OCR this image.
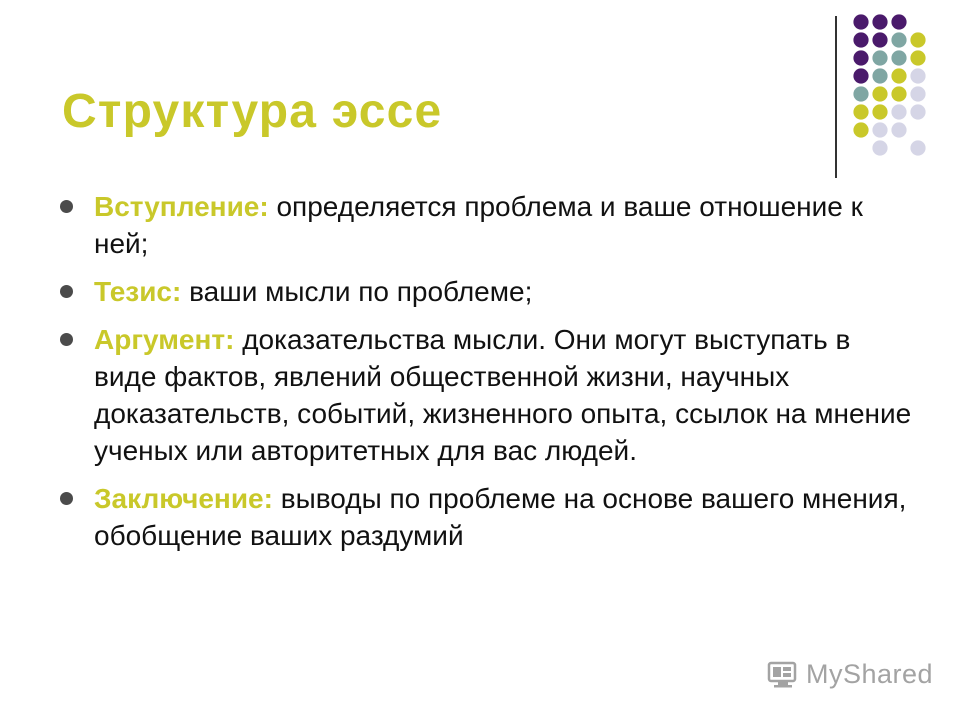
Структура эссе
Вступление: определяется проблема и ваше отношение к ней;
Тезис: ваши мысли по проблеме;
Аргумент: доказательства мысли. Они могут выступать в виде фактов, явлений общественной жизни, научных доказательств, событий, жизненного опыта, ссылок на мнение ученых или авторитетных для вас людей.
Заключение: выводы по проблеме на основе вашего мнения, обобщение ваших раздумий
MyShared
